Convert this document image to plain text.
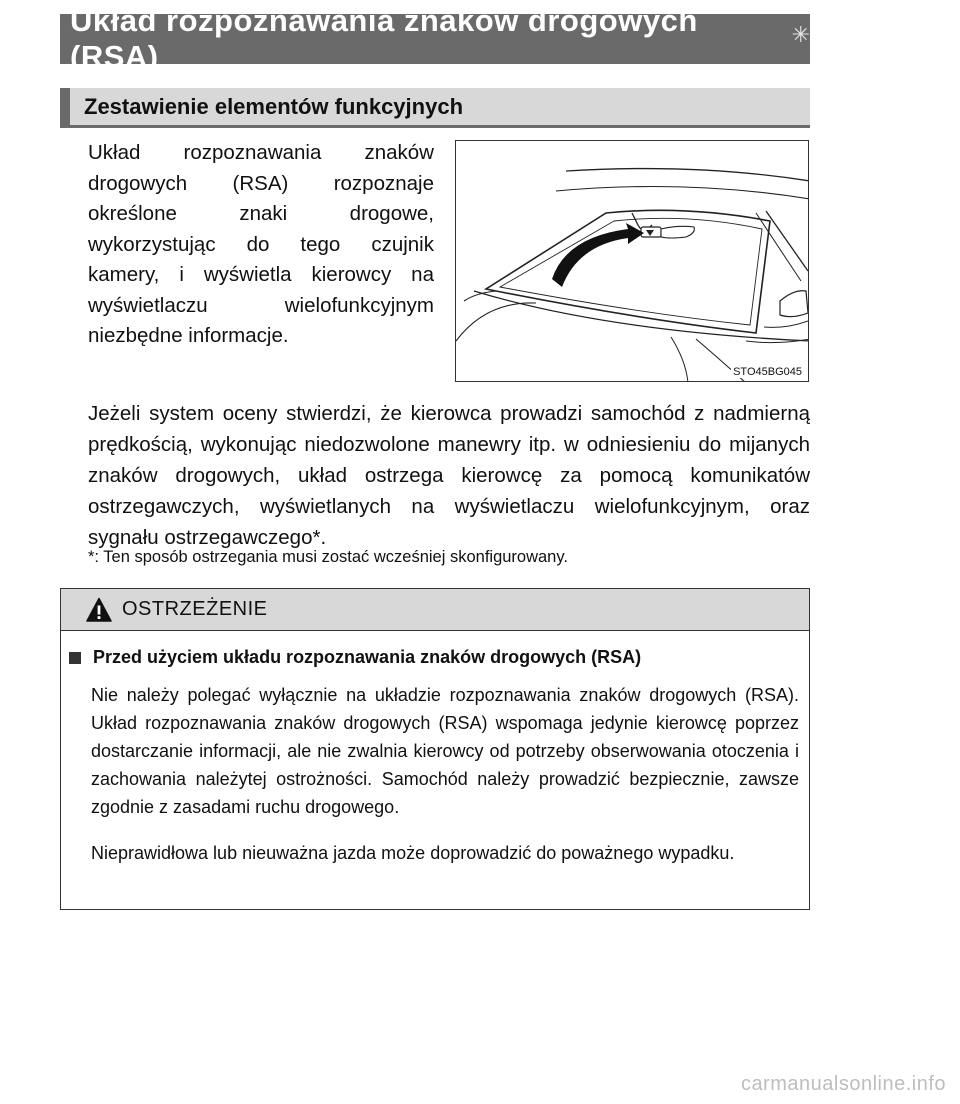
Układ rozpoznawania znaków drogowych (RSA)
✳
Zestawienie elementów funkcyjnych

Układ rozpoznawania znaków drogowych (RSA) rozpoznaje określone znaki drogowe, wykorzystując do tego czujnik kamery, i wyświetla kierowcy na wyświetlaczu wielofunkcyjnym niezbędne informacje.

STO45BG045

Jeżeli system oceny stwierdzi, że kierowca prowadzi samochód z nadmierną prędkością, wykonując niedozwolone manewry itp. w odniesieniu do mijanych znaków drogowych, układ ostrzega kierowcę za pomocą komunikatów ostrzegawczych, wyświetlanych na wyświetlaczu wielofunkcyjnym, oraz sygnału ostrzegawczego*.

*: Ten sposób ostrzegania musi zostać wcześniej skonfigurowany.

OSTRZEŻENIE
Przed użyciem układu rozpoznawania znaków drogowych (RSA)

Nie należy polegać wyłącznie na układzie rozpoznawania znaków drogowych (RSA). Układ rozpoznawania znaków drogowych (RSA) wspomaga jedynie kierowcę poprzez dostarczanie informacji, ale nie zwalnia kierowcy od potrzeby obserwowania otoczenia i zachowania należytej ostrożności. Samochód należy prowadzić bezpiecznie, zawsze zgodnie z zasadami ruchu drogowego.

Nieprawidłowa lub nieuważna jazda może doprowadzić do poważnego wypadku.

carmanualsonline.info
